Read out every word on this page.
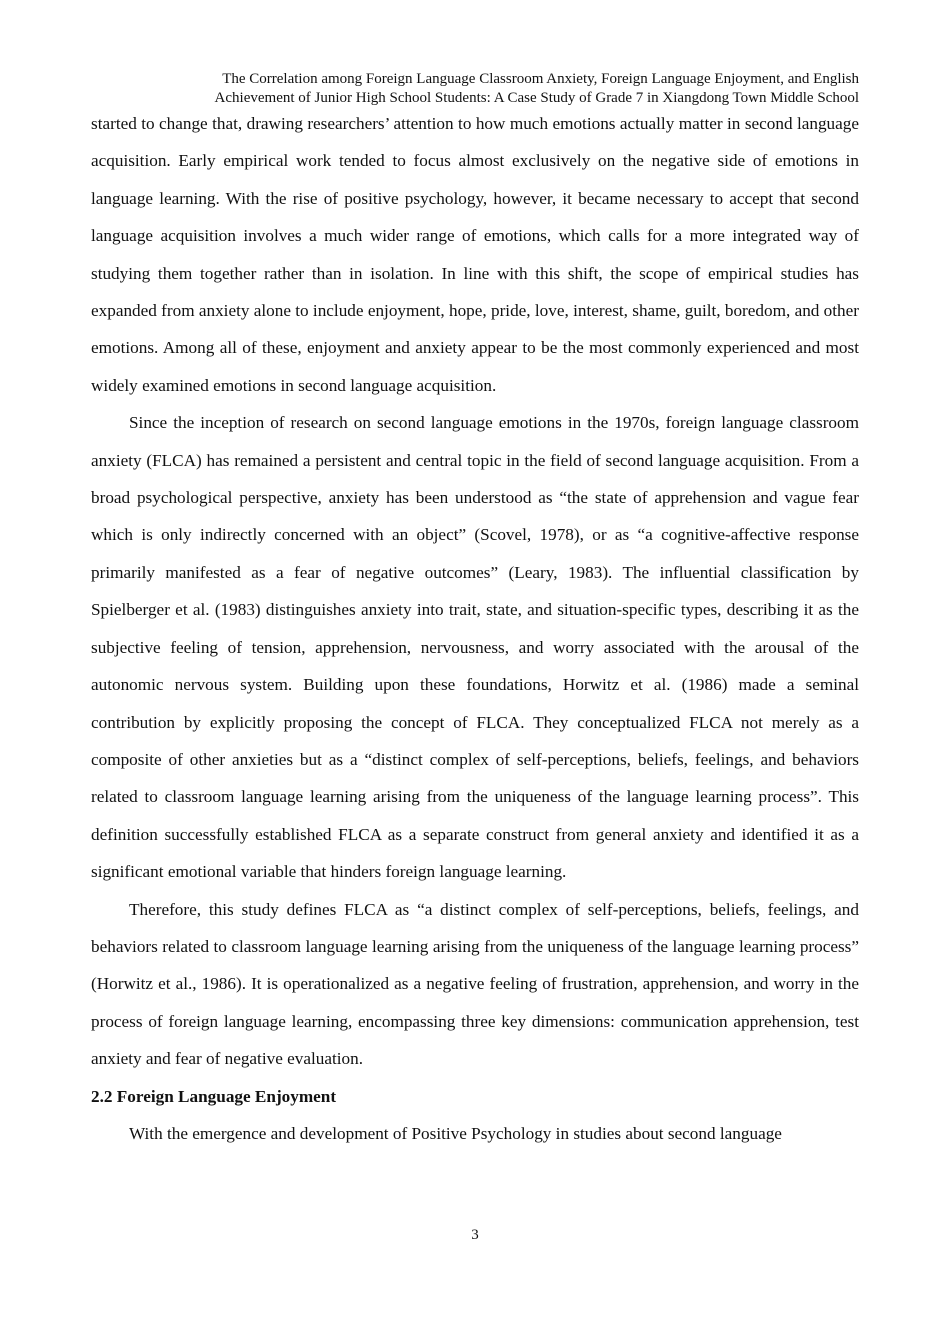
The Correlation among Foreign Language Classroom Anxiety, Foreign Language Enjoyment, and English
Achievement of Junior High School Students: A Case Study of Grade 7 in Xiangdong Town Middle School

started to change that, drawing researchers’ attention to how much emotions actually matter in second language acquisition. Early empirical work tended to focus almost exclusively on the negative side of emotions in language learning. With the rise of positive psychology, however, it became necessary to accept that second language acquisition involves a much wider range of emotions, which calls for a more integrated way of studying them together rather than in isolation. In line with this shift, the scope of empirical studies has expanded from anxiety alone to include enjoyment, hope, pride, love, interest, shame, guilt, boredom, and other emotions. Among all of these, enjoyment and anxiety appear to be the most commonly experienced and most widely examined emotions in second language acquisition.

Since the inception of research on second language emotions in the 1970s, foreign language classroom anxiety (FLCA) has remained a persistent and central topic in the field of second language acquisition. From a broad psychological perspective, anxiety has been understood as “the state of apprehension and vague fear which is only indirectly concerned with an object” (Scovel, 1978), or as “a cognitive-affective response primarily manifested as a fear of negative outcomes” (Leary, 1983). The influential classification by Spielberger et al. (1983) distinguishes anxiety into trait, state, and situation-specific types, describing it as the subjective feeling of tension, apprehension, nervousness, and worry associated with the arousal of the autonomic nervous system. Building upon these foundations, Horwitz et al. (1986) made a seminal contribution by explicitly proposing the concept of FLCA. They conceptualized FLCA not merely as a composite of other anxieties but as a “distinct complex of self-perceptions, beliefs, feelings, and behaviors related to classroom language learning arising from the uniqueness of the language learning process”. This definition successfully established FLCA as a separate construct from general anxiety and identified it as a significant emotional variable that hinders foreign language learning.

Therefore, this study defines FLCA as “a distinct complex of self-perceptions, beliefs, feelings, and behaviors related to classroom language learning arising from the uniqueness of the language learning process” (Horwitz et al., 1986). It is operationalized as a negative feeling of frustration, apprehension, and worry in the process of foreign language learning, encompassing three key dimensions: communication apprehension, test anxiety and fear of negative evaluation.

2.2 Foreign Language Enjoyment

With the emergence and development of Positive Psychology in studies about second language

3
